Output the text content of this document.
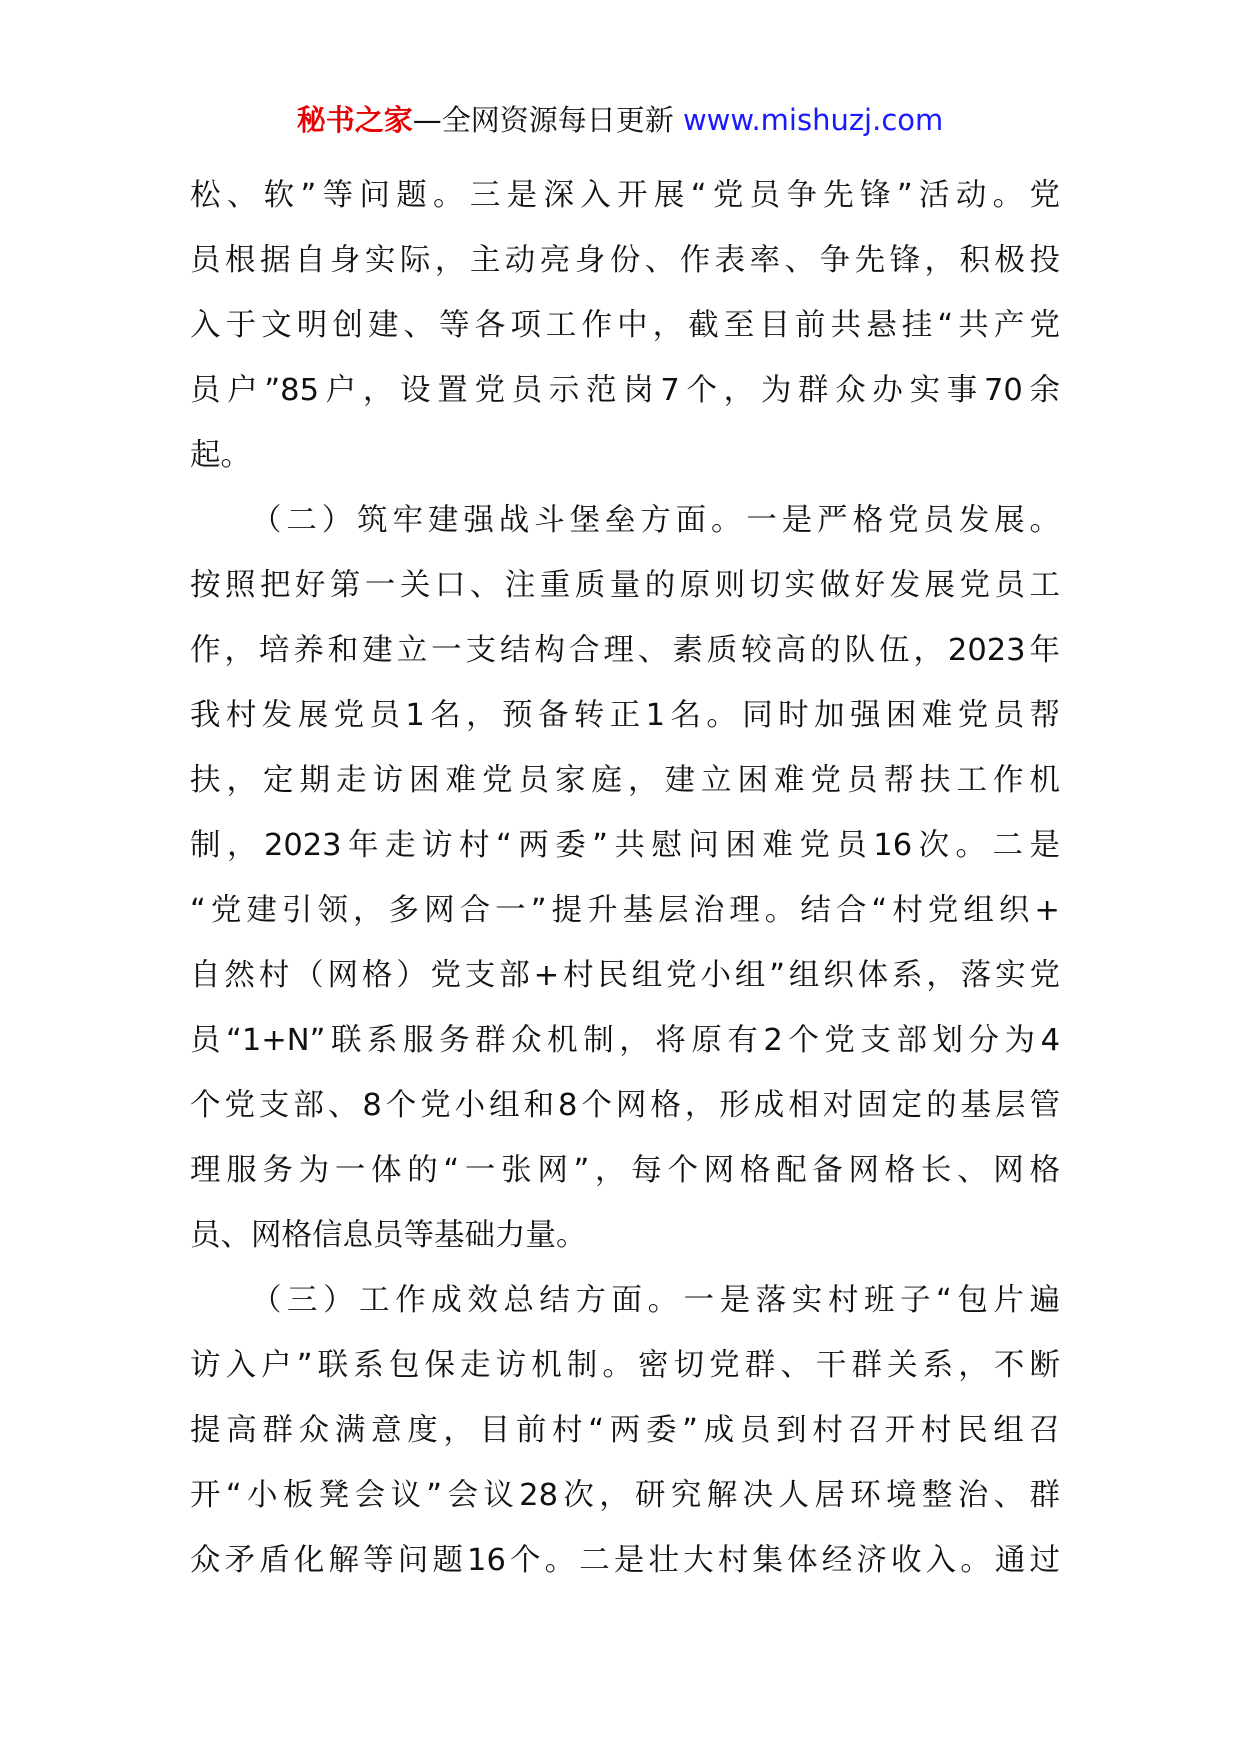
秘书之家—全网资源每日更新 www.mishuzj.com
松、软”等问题。三是深入开展“党员争先锋”活动。党
员根据自身实际，主动亮身份、作表率、争先锋，积极投
入于文明创建、等各项工作中，截至目前共悬挂“共产党
员户”85户，设置党员示范岗7个，为群众办实事70余
起。
（二）筑牢建强战斗堡垒方面。一是严格党员发展。
按照把好第一关口、注重质量的原则切实做好发展党员工
作，培养和建立一支结构合理、素质较高的队伍，2023年
我村发展党员1名，预备转正1名。同时加强困难党员帮
扶，定期走访困难党员家庭，建立困难党员帮扶工作机
制，2023年走访村“两委”共慰问困难党员16次。二是
“党建引领，多网合一”提升基层治理。结合“村党组织+
自然村（网格）党支部+村民组党小组”组织体系，落实党
员“1+N”联系服务群众机制，将原有2个党支部划分为4
个党支部、8个党小组和8个网格，形成相对固定的基层管
理服务为一体的“一张网”，每个网格配备网格长、网格
员、网格信息员等基础力量。
（三）工作成效总结方面。一是落实村班子“包片遍
访入户”联系包保走访机制。密切党群、干群关系，不断
提高群众满意度，目前村“两委”成员到村召开村民组召
开“小板凳会议”会议28次，研究解决人居环境整治、群
众矛盾化解等问题16个。二是壮大村集体经济收入。通过
